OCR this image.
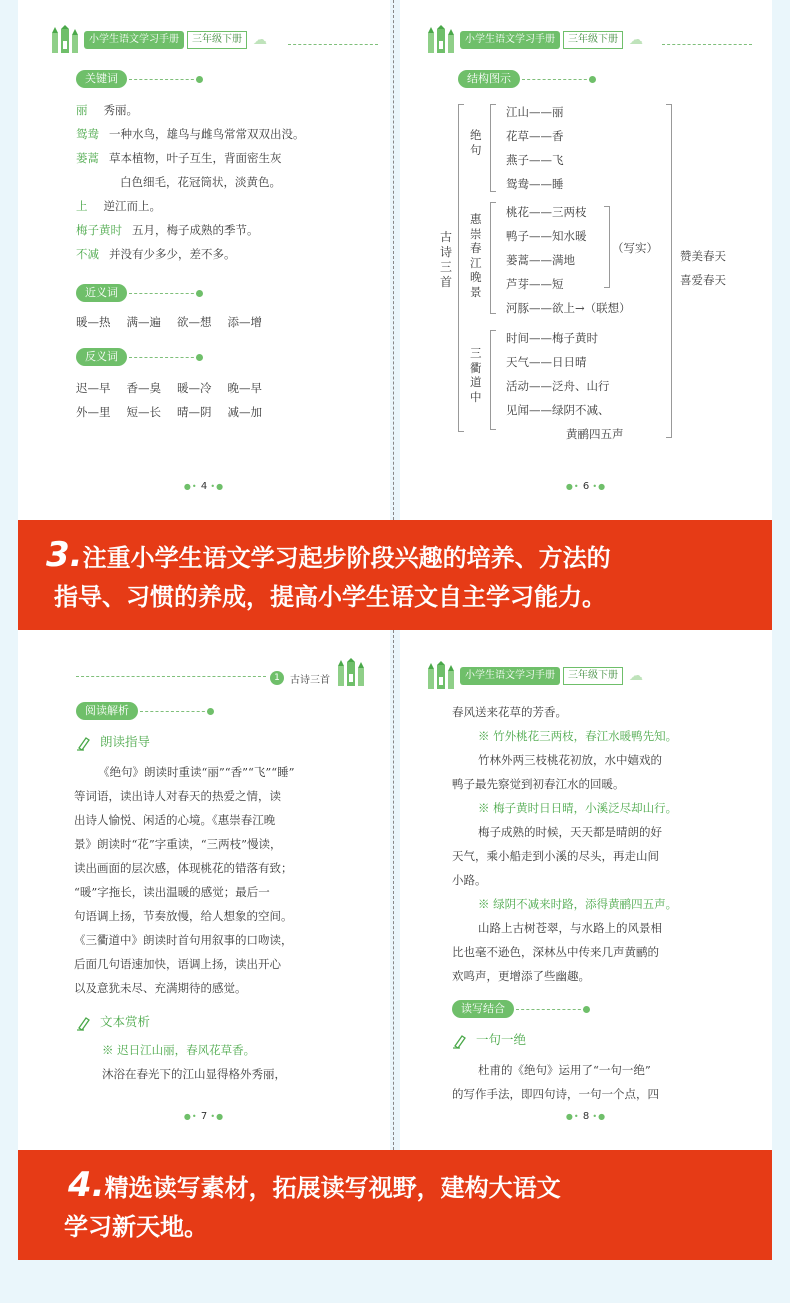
小学生语文学习手册	三年级下册 ☁
关键词
丽 秀丽。
鸳鸯 一种水鸟，雄鸟与雌鸟常常双双出没。
蒌蒿 草本植物，叶子互生，背面密生灰
白色细毛，花冠筒状，淡黄色。
上 逆江而上。
梅子黄时 五月，梅子成熟的季节。
不减 并没有少多少，差不多。
近义词
暖—热 满—遍 欲—想 添—增
反义词
迟—早 香—臭 暖—冷 晚—早
外—里 短—长 晴—阴 减—加
●• 4 •●
小学生语文学习手册	三年级下册 ☁
结构图示
古诗三首
绝句
江山——丽
花草——香
燕子——飞
鸳鸯——睡
惠崇春江晚景
桃花——三两枝
鸭子——知水暖
蒌蒿——满地
芦芽——短
河豚——欲上→（联想）
（写实）
三衢道中
时间——梅子黄时
天气——日日晴
活动——泛舟、山行
见闻——绿阴不减、
黄鹂四五声
赞美春天
喜爱春天
●• 6 •●
3.注重小学生语文学习起步阶段兴趣的培养、方法的
指导、习惯的养成，提高小学生语文自主学习能力。
1	古诗三首
阅读解析
朗读指导
《绝句》朗读时重读“丽”“香”“飞”“睡”
等词语，读出诗人对春天的热爱之情，读
出诗人愉悦、闲适的心境。《惠崇春江晚
景》朗读时“花”字重读，“三两枝”慢读，
读出画面的层次感，体现桃花的错落有致；
“暖”字拖长，读出温暖的感觉；最后一
句语调上扬，节奏放慢，给人想象的空间。
《三衢道中》朗读时首句用叙事的口吻读，
后面几句语速加快，语调上扬，读出开心
以及意犹未尽、充满期待的感觉。
文本赏析
※ 迟日江山丽，春风花草香。
沐浴在春光下的江山显得格外秀丽，
●• 7 •●
小学生语文学习手册	三年级下册 ☁
春风送来花草的芳香。
※ 竹外桃花三两枝，春江水暖鸭先知。
竹林外两三枝桃花初放，水中嬉戏的
鸭子最先察觉到初春江水的回暖。
※ 梅子黄时日日晴，小溪泛尽却山行。
梅子成熟的时候，天天都是晴朗的好
天气，乘小船走到小溪的尽头，再走山间
小路。
※ 绿阴不减来时路，添得黄鹂四五声。
山路上古树苍翠，与水路上的风景相
比也毫不逊色，深林丛中传来几声黄鹂的
欢鸣声，更增添了些幽趣。
读写结合
一句一绝
杜甫的《绝句》运用了“一句一绝”
的写作手法，即四句诗，一句一个点，四
●• 8 •●
4.精选读写素材，拓展读写视野，建构大语文
学习新天地。
